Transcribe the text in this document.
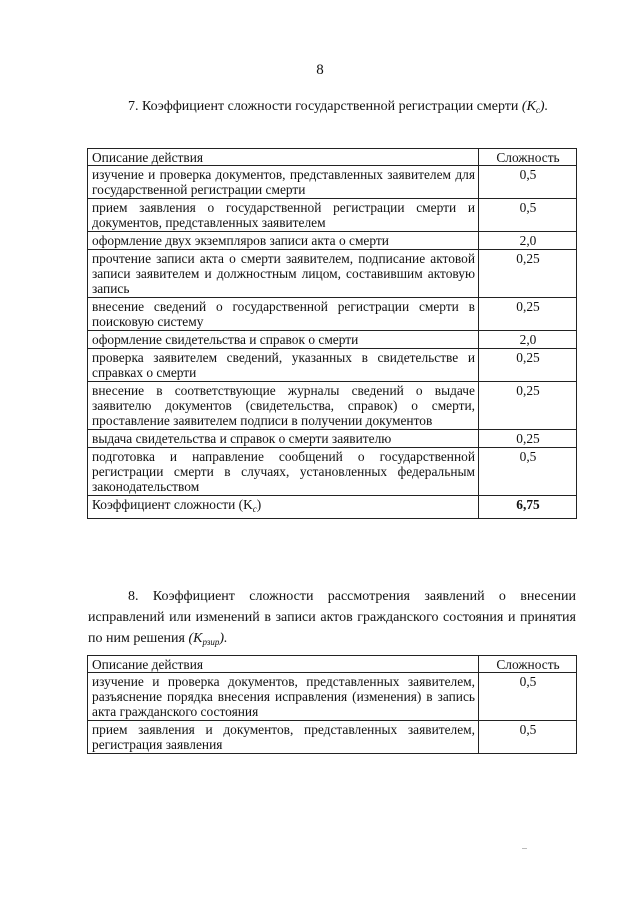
8

7. Коэффициент сложности государственной регистрации смерти $(K_с)$.

Описание действия	Сложность
изучение и проверка документов, представленных заявителем для государственной регистрации смерти	0,5
прием заявления о государственной регистрации смерти и документов, представленных заявителем	0,5
оформление двух экземпляров записи акта о смерти	2,0
прочтение записи акта о смерти заявителем, подписание актовой записи заявителем и должностным лицом, составившим актовую запись	0,25
внесение сведений о государственной регистрации смерти в поисковую систему	0,25
оформление свидетельства и справок о смерти	2,0
проверка заявителем сведений, указанных в свидетельстве и справках о смерти	0,25
внесение в соответствующие журналы сведений о выдаче заявителю документов (свидетельства, справок) о смерти, проставление заявителем подписи в получении документов	0,25
выдача свидетельства и справок о смерти заявителю	0,25
подготовка и направление сообщений о государственной регистрации смерти в случаях, установленных федеральным законодательством	0,5
Коэффициент сложности $(K_с)$	6,75

8. Коэффициент сложности рассмотрения заявлений о внесении исправлений или изменений в записи актов гражданского состояния и принятия по ним решения $(K_{рзир})$.

Описание действия	Сложность
изучение и проверка документов, представленных заявителем, разъяснение порядка внесения исправления (изменения) в запись акта гражданского состояния	0,5
прием заявления и документов, представленных заявителем, регистрация заявления	0,5
